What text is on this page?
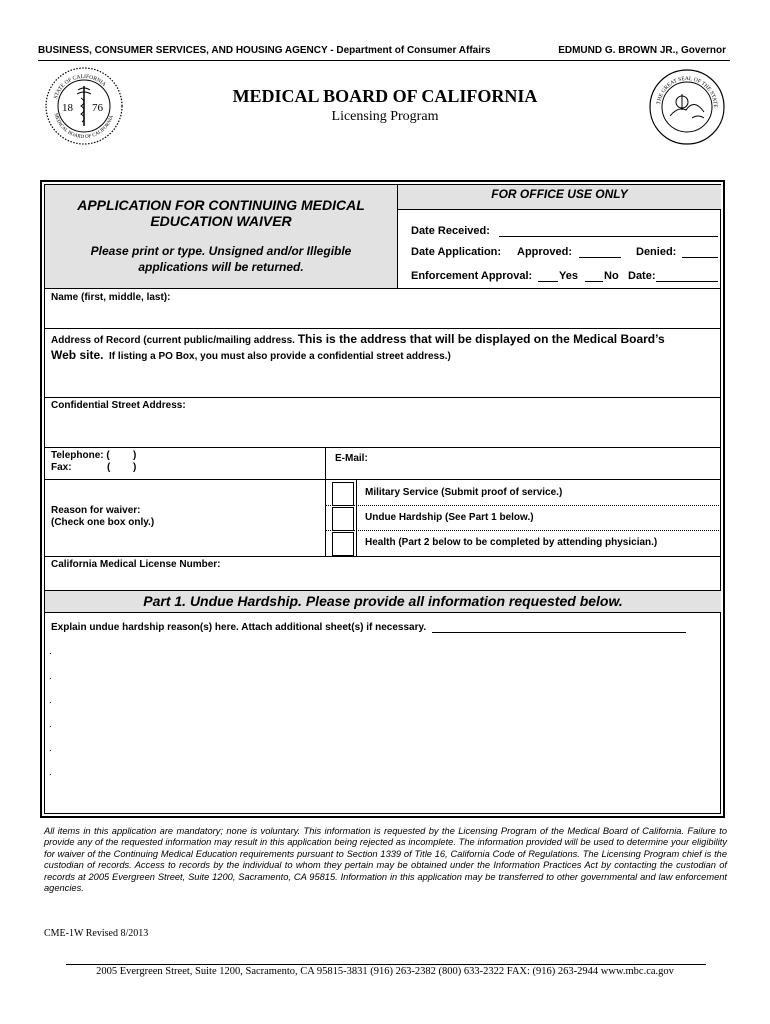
BUSINESS, CONSUMER SERVICES, AND HOUSING AGENCY - Department of Consumer Affairs	EDMUND G. BROWN JR., Governor
STATE OF CALIFORNIA
MEDICAL BOARD OF CALIFORNIA
18 76
MEDICAL BOARD OF CALIFORNIA
Licensing Program
THE GREAT SEAL OF THE STATE
APPLICATION FOR CONTINUING MEDICAL
EDUCATION WAIVER
Please print or type. Unsigned and/or Illegible
applications will be returned.
FOR OFFICE USE ONLY
Date Received:
Date Application: Approved:	Denied:
Enforcement Approval: Yes No Date:
Name (first, middle, last):
Address of Record (current public/mailing address. This is the address that will be displayed on the Medical Board’s
Web site. If listing a PO Box, you must also provide a confidential street address.)
Confidential Street Address:
Telephone: ( )
Fax:	( )
E-Mail:
Reason for waiver:
(Check one box only.)
Military Service (Submit proof of service.)
Undue Hardship (See Part 1 below.)
Health (Part 2 below to be completed by attending physician.)
California Medical License Number:
Part 1. Undue Hardship. Please provide all information requested below.
Explain undue hardship reason(s) here. Attach additional sheet(s) if necessary.
.
.
.
.
.
.
All items in this application are mandatory; none is voluntary. This information is requested by the Licensing Program of the Medical Board of California. Failure to provide any of the requested information may result in this application being rejected as incomplete. The information provided will be used to determine your eligibility for waiver of the Continuing Medical Education requirements pursuant to Section 1339 of Title 16, California Code of Regulations. The Licensing Program chief is the custodian of records. Access to records by the individual to whom they pertain may be obtained under the Information Practices Act by contacting the custodian of records at 2005 Evergreen Street, Suite 1200, Sacramento, CA 95815. Information in this application may be transferred to other governmental and law enforcement agencies.
CME-1W Revised 8/2013
2005 Evergreen Street, Suite 1200, Sacramento, CA 95815-3831 (916) 263-2382 (800) 633-2322 FAX: (916) 263-2944 www.mbc.ca.gov
